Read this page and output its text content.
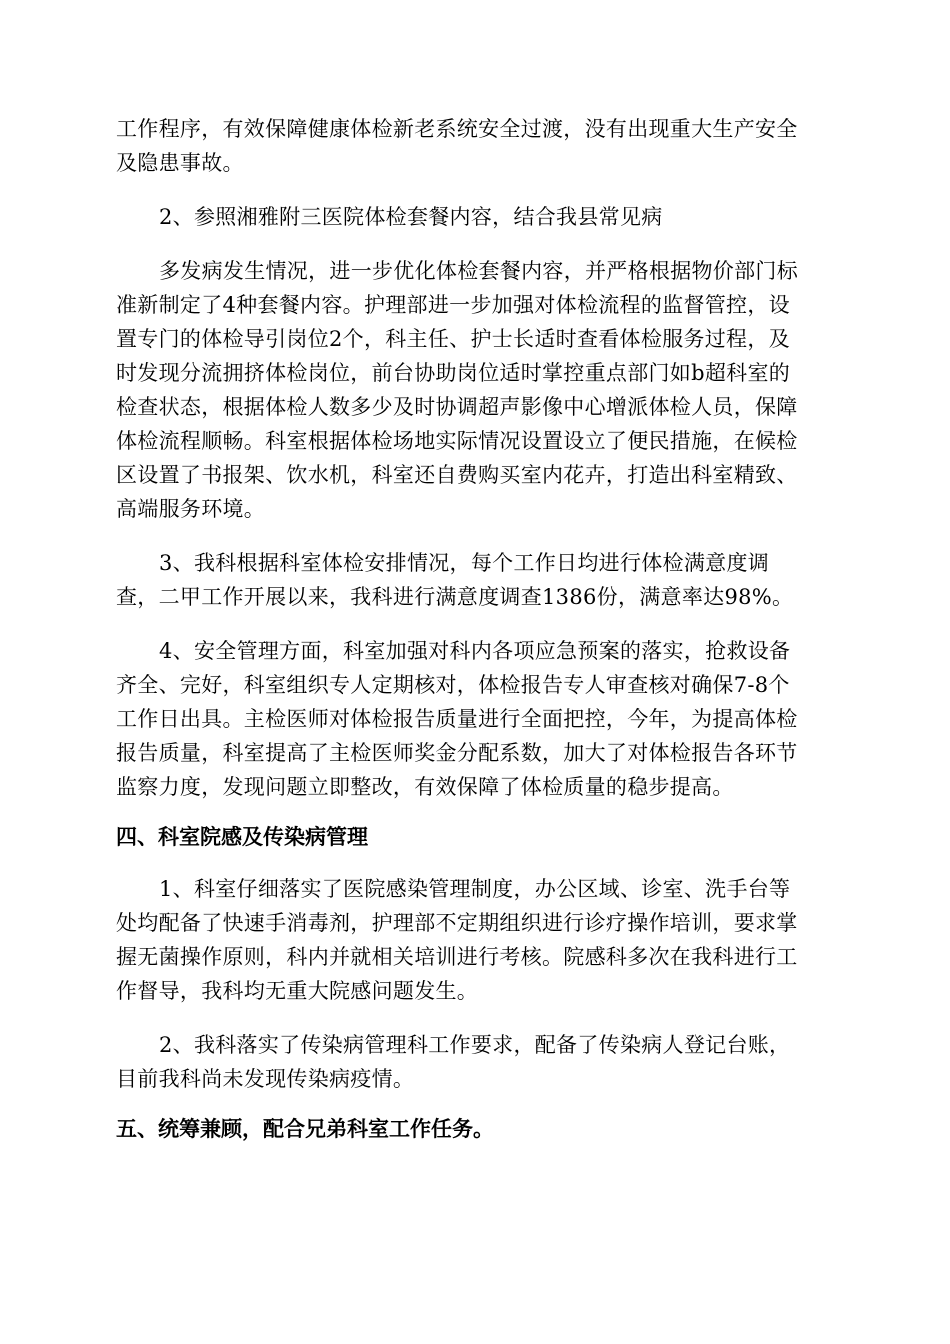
工作程序，有效保障健康体检新老系统安全过渡，没有出现重大生产安全
及隐患事故。
2、参照湘雅附三医院体检套餐内容，结合我县常见病
多发病发生情况，进一步优化体检套餐内容，并严格根据物价部门标
准新制定了4种套餐内容。护理部进一步加强对体检流程的监督管控，设
置专门的体检导引岗位2个，科主任、护士长适时查看体检服务过程，及
时发现分流拥挤体检岗位，前台协助岗位适时掌控重点部门如b超科室的
检查状态，根据体检人数多少及时协调超声影像中心增派体检人员，保障
体检流程顺畅。科室根据体检场地实际情况设置设立了便民措施，在候检
区设置了书报架、饮水机，科室还自费购买室内花卉，打造出科室精致、
高端服务环境。
3、我科根据科室体检安排情况，每个工作日均进行体检满意度调
查，二甲工作开展以来，我科进行满意度调查1386份，满意率达98%。
4、安全管理方面，科室加强对科内各项应急预案的落实，抢救设备
齐全、完好，科室组织专人定期核对，体检报告专人审查核对确保7-8个
工作日出具。主检医师对体检报告质量进行全面把控，今年，为提高体检
报告质量，科室提高了主检医师奖金分配系数，加大了对体检报告各环节
监察力度，发现问题立即整改，有效保障了体检质量的稳步提高。
四、科室院感及传染病管理
1、科室仔细落实了医院感染管理制度，办公区域、诊室、洗手台等
处均配备了快速手消毒剂，护理部不定期组织进行诊疗操作培训，要求掌
握无菌操作原则，科内并就相关培训进行考核。院感科多次在我科进行工
作督导，我科均无重大院感问题发生。
2、我科落实了传染病管理科工作要求，配备了传染病人登记台账，
目前我科尚未发现传染病疫情。
五、统筹兼顾，配合兄弟科室工作任务。
